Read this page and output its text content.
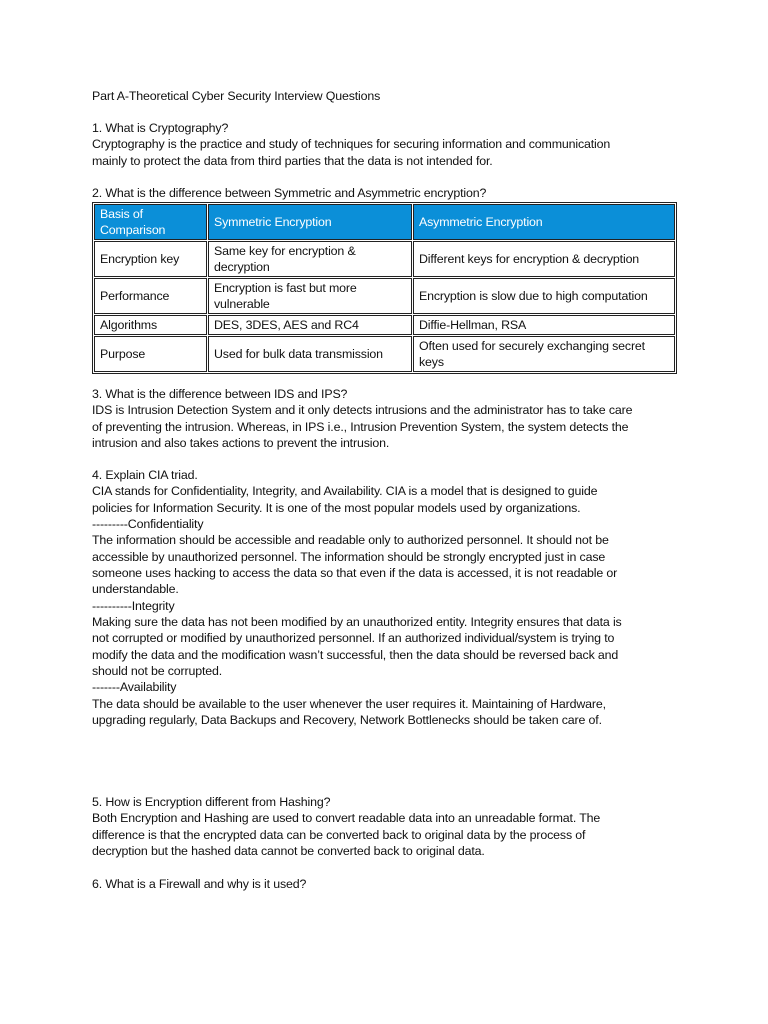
Part A-Theoretical Cyber Security Interview Questions
1. What is Cryptography?
Cryptography is the practice and study of techniques for securing information and communication
mainly to protect the data from third parties that the data is not intended for.
2. What is the difference between Symmetric and Asymmetric encryption?
Basis of Comparison	Symmetric Encryption	Asymmetric Encryption
Encryption key	Same key for encryption & decryption	Different keys for encryption & decryption
Performance	Encryption is fast but more vulnerable	Encryption is slow due to high computation
Algorithms	DES, 3DES, AES and RC4	Diffie-Hellman, RSA
Purpose	Used for bulk data transmission	Often used for securely exchanging secret keys
3. What is the difference between IDS and IPS?
IDS is Intrusion Detection System and it only detects intrusions and the administrator has to take care
of preventing the intrusion. Whereas, in IPS i.e., Intrusion Prevention System, the system detects the
intrusion and also takes actions to prevent the intrusion.
4. Explain CIA triad.
CIA stands for Confidentiality, Integrity, and Availability. CIA is a model that is designed to guide
policies for Information Security. It is one of the most popular models used by organizations.
---------Confidentiality
The information should be accessible and readable only to authorized personnel. It should not be
accessible by unauthorized personnel. The information should be strongly encrypted just in case
someone uses hacking to access the data so that even if the data is accessed, it is not readable or
understandable.
----------Integrity
Making sure the data has not been modified by an unauthorized entity. Integrity ensures that data is
not corrupted or modified by unauthorized personnel. If an authorized individual/system is trying to
modify the data and the modification wasn’t successful, then the data should be reversed back and
should not be corrupted.
-------Availability
The data should be available to the user whenever the user requires it. Maintaining of Hardware,
upgrading regularly, Data Backups and Recovery, Network Bottlenecks should be taken care of.
5. How is Encryption different from Hashing?
Both Encryption and Hashing are used to convert readable data into an unreadable format. The
difference is that the encrypted data can be converted back to original data by the process of
decryption but the hashed data cannot be converted back to original data.
6. What is a Firewall and why is it used?
